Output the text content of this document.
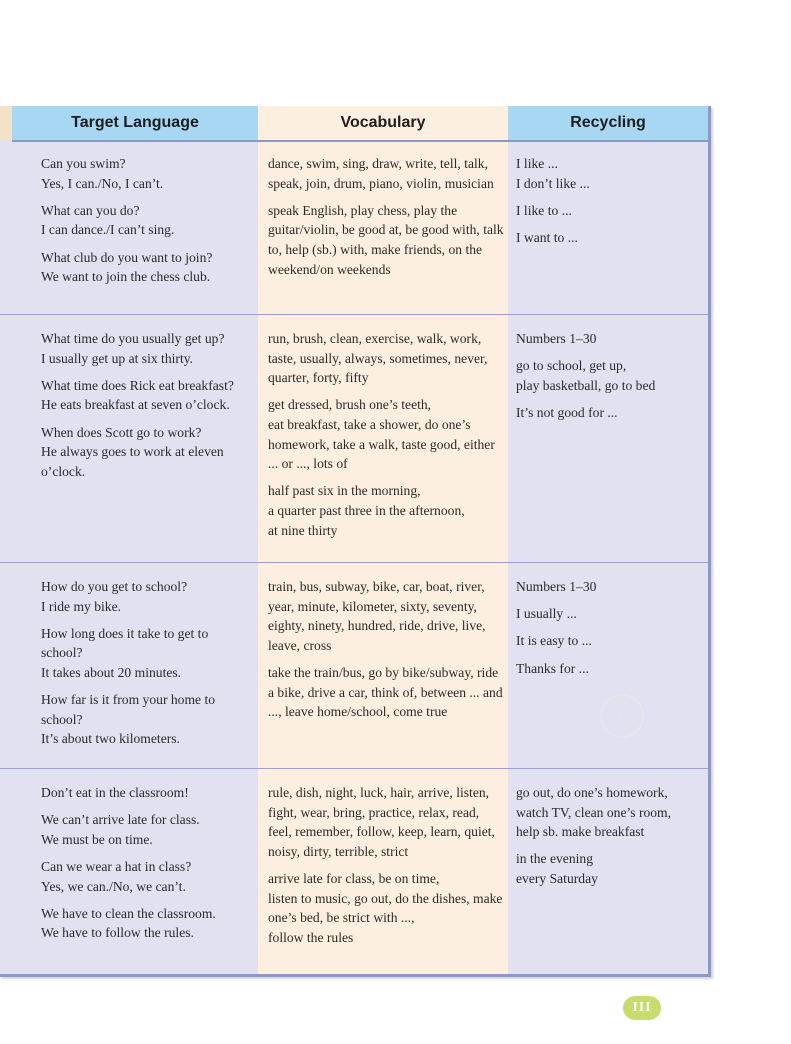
Target Language	Vocabulary	Recycling

Can you swim?
Yes, I can./No, I can’t.

What can you do?
I can dance./I can’t sing.

What club do you want to join?
We want to join the chess club.

dance, swim, sing, draw, write, tell, talk, speak, join, drum, piano, violin, musician

speak English, play chess, play the guitar/violin, be good at, be good with, talk to, help (sb.) with, make friends, on the weekend/on weekends

I like ...
I don’t like ...

I like to ...

I want to ...

What time do you usually get up?
I usually get up at six thirty.

What time does Rick eat breakfast?
He eats breakfast at seven o’clock.

When does Scott go to work?
He always goes to work at eleven o’clock.

run, brush, clean, exercise, walk, work, taste, usually, always, sometimes, never, quarter, forty, fifty

get dressed, brush one’s teeth,
eat breakfast, take a shower, do one’s homework, take a walk, taste good, either ... or ..., lots of

half past six in the morning,
a quarter past three in the afternoon,
at nine thirty

Numbers 1–30

go to school, get up,
play basketball, go to bed

It’s not good for ...

How do you get to school?
I ride my bike.

How long does it take to get to school?
It takes about 20 minutes.

How far is it from your home to school?
It’s about two kilometers.

train, bus, subway, bike, car, boat, river, year, minute, kilometer, sixty, seventy, eighty, ninety, hundred, ride, drive, live, leave, cross

take the train/bus, go by bike/subway, ride a bike, drive a car, think of, between ... and ..., leave home/school, come true

Numbers 1–30

I usually ...

It is easy to ...

Thanks for ...

Don’t eat in the classroom!

We can’t arrive late for class.
We must be on time.

Can we wear a hat in class?
Yes, we can./No, we can’t.

We have to clean the classroom.
We have to follow the rules.

rule, dish, night, luck, hair, arrive, listen, fight, wear, bring, practice, relax, read, feel, remember, follow, keep, learn, quiet, noisy, dirty, terrible, strict

arrive late for class, be on time,
listen to music, go out, do the dishes, make one’s bed, be strict with ...,
follow the rules

go out, do one’s homework,
watch TV, clean one’s room,
help sb. make breakfast

in the evening
every Saturday

®
III
